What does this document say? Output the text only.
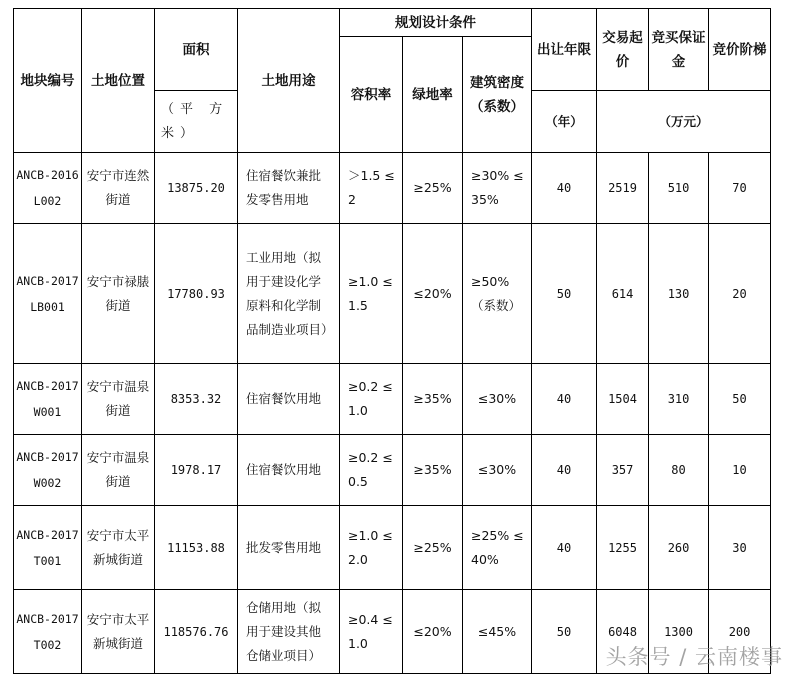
地块编号	土地位置	面积	土地用途	规划设计条件			出让年限	交易起价	竞买保证金	竞价阶梯
				容积率	绿地率	建筑密度（系数）				

		（平 方 米）					（年）	（万元）		
ANCB-2016L002	安宁市连然街道	13875.20	住宿餐饮兼批发零售用地	＞1.5 ≤2	≥25%	≥30% ≤35%	40	2519	510	70
ANCB-2017LB001	安宁市禄脿街道	17780.93	工业用地（拟用于建设化学原料和化学制品制造业项目）	≥1.0 ≤1.5	≤20%	≥50%（系数）	50	614	130	20
ANCB-2017W001	安宁市温泉街道	8353.32	住宿餐饮用地	≥0.2 ≤1.0	≥35%	≤30%	40	1504	310	50
ANCB-2017W002	安宁市温泉街道	1978.17	住宿餐饮用地	≥0.2 ≤0.5	≥35%	≤30%	40	357	80	10
ANCB-2017T001	安宁市太平新城街道	11153.88	批发零售用地	≥1.0 ≤2.0	≥25%	≥25% ≤40%	40	1255	260	30
ANCB-2017T002	安宁市太平新城街道	118576.76	仓储用地（拟用于建设其他仓储业项目）	≥0.4 ≤1.0	≤20%	≤45%	50	6048	1300	200
头条号 / 云南楼事
